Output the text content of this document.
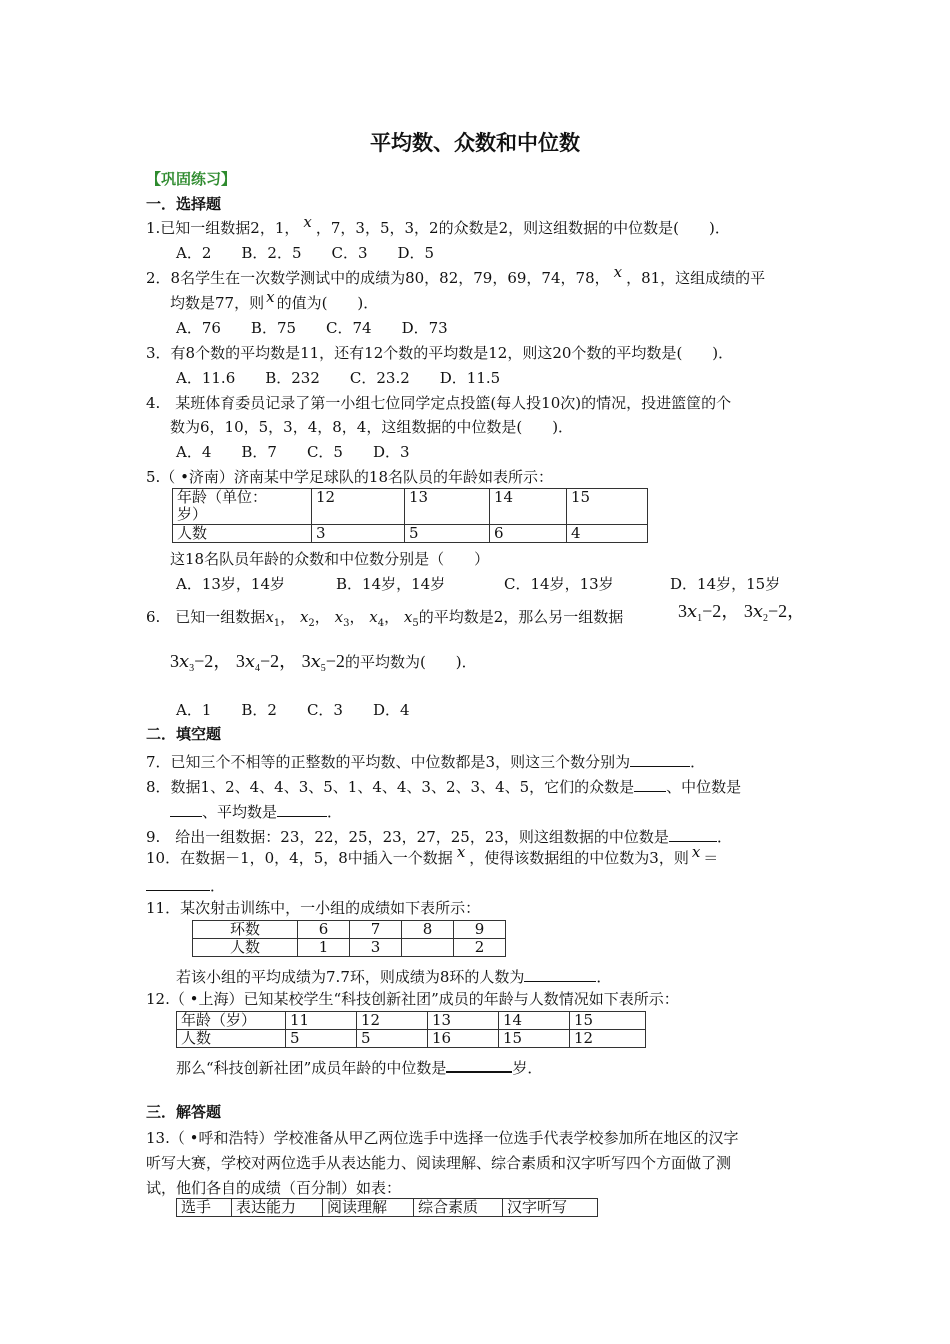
平均数、众数和中位数
【巩固练习】
一．选择题
1.已知一组数据2，1， x ，7，3，5，3，2的众数是2，则这组数据的中位数是(　　)．
A．2　　B．2．5　　C．3　　D．5
2．8名学生在一次数学测试中的成绩为80，82，79，69，74，78， x ，81，这组成绩的平
均数是77，则 x 的值为(　　)．
A．76　　B．75　　C．74　　D．73
3．有8个数的平均数是11，还有12个数的平均数是12，则这20个数的平均数是(　　)．
A．11.6　　B．232　　C．23.2　　D．11.5
4.　某班体育委员记录了第一小组七位同学定点投篮(每人投10次)的情况，投进篮筐的个
数为6，10，5，3，4，8，4，这组数据的中位数是(　　)．
A．4　　B．7　　C．5　　D．3
5.（ •济南）济南某中学足球队的18名队员的年龄如表所示：
年龄（单位：
岁）	12	13	14	15
人数	3	5	6	4
这18名队员年龄的众数和中位数分别是（　　）
A．13岁，14岁	B．14岁，14岁	C．14岁，13岁	D．14岁，15岁
6.　已知一组数据$x_1$， $x_2$， $x_3$， $x_4$， $x_5$的平均数是2，那么另一组数据	$3x_1-2$， $3x_2-2$，
$3x_3-2$， $3x_4-2$， $3x_5-2$的平均数为(　　)．
A．1　　B．2　　C．3　　D．4
二．填空题
7．已知三个不相等的正整数的平均数、中位数都是3，则这三个数分别为	．
8．数据1、2、4、4、3、5、1、4、4、3、2、3、4、5，它们的众数是 、中位数是
、平均数是	．
9.　给出一组数据：23，22，25，23，27，25，23，则这组数据的中位数是	．
10．在数据－1，0，4，5，8中插入一个数据 x ，使得该数据组的中位数为3，则 x ＝
．
11．某次射击训练中，一小组的成绩如下表所示：
环数	6	7	8	9
人数	1	3		2
若该小组的平均成绩为7.7环，则成绩为8环的人数为	．
12.（ •上海）已知某校学生“科技创新社团”成员的年龄与人数情况如下表所示：
年龄（岁）	11	12	13	14	15
人数	5	5	16	15	12
那么“科技创新社团”成员年龄的中位数是	岁．
三．解答题
13.（ •呼和浩特）学校准备从甲乙两位选手中选择一位选手代表学校参加所在地区的汉字
听写大赛，学校对两位选手从表达能力、阅读理解、综合素质和汉字听写四个方面做了测
试，他们各自的成绩（百分制）如表：
选手	表达能力	阅读理解	综合素质	汉字听写
